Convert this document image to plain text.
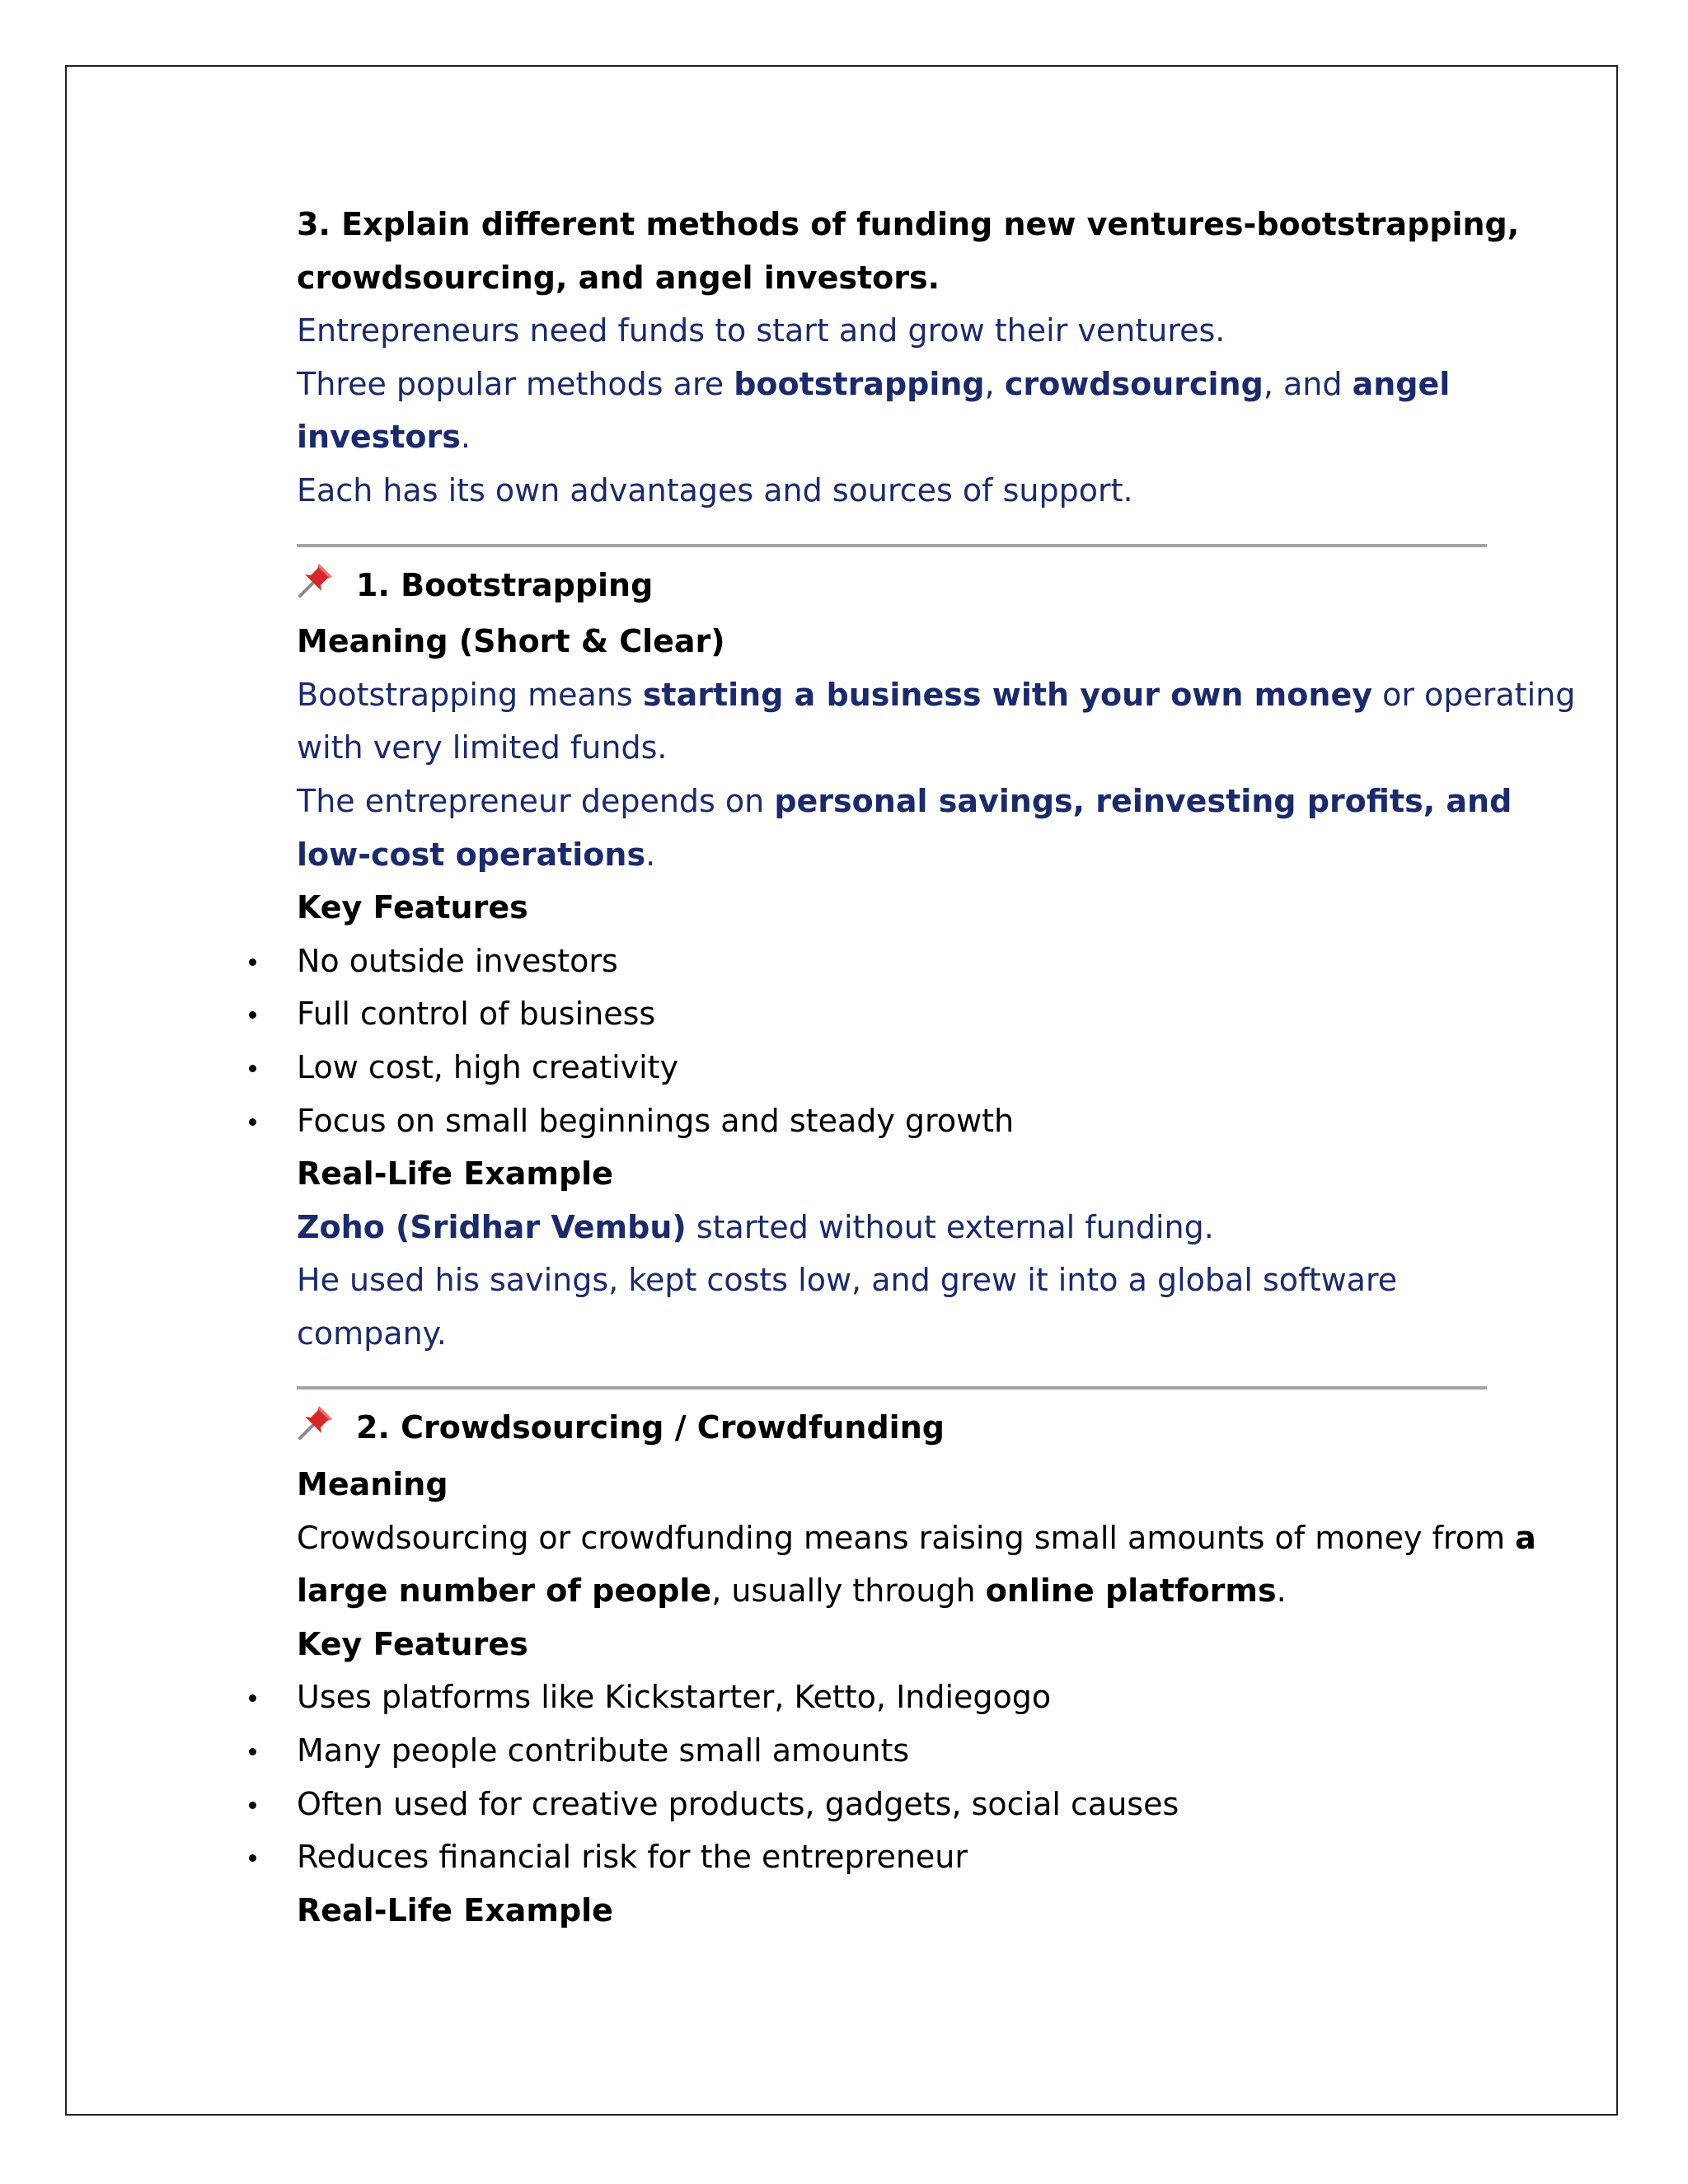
3. Explain different methods of funding new ventures-bootstrapping,
crowdsourcing, and angel investors.
Entrepreneurs need funds to start and grow their ventures.
Three popular methods are bootstrapping, crowdsourcing, and angel
investors.
Each has its own advantages and sources of support.
1. Bootstrapping
Meaning (Short & Clear)
Bootstrapping means starting a business with your own money or operating
with very limited funds.
The entrepreneur depends on personal savings, reinvesting profits, and
low-cost operations.
Key Features
No outside investors
Full control of business
Low cost, high creativity
Focus on small beginnings and steady growth
Real-Life Example
Zoho (Sridhar Vembu) started without external funding.
He used his savings, kept costs low, and grew it into a global software
company.
2. Crowdsourcing / Crowdfunding
Meaning
Crowdsourcing or crowdfunding means raising small amounts of money from a
large number of people, usually through online platforms.
Key Features
Uses platforms like Kickstarter, Ketto, Indiegogo
Many people contribute small amounts
Often used for creative products, gadgets, social causes
Reduces financial risk for the entrepreneur
Real-Life Example
